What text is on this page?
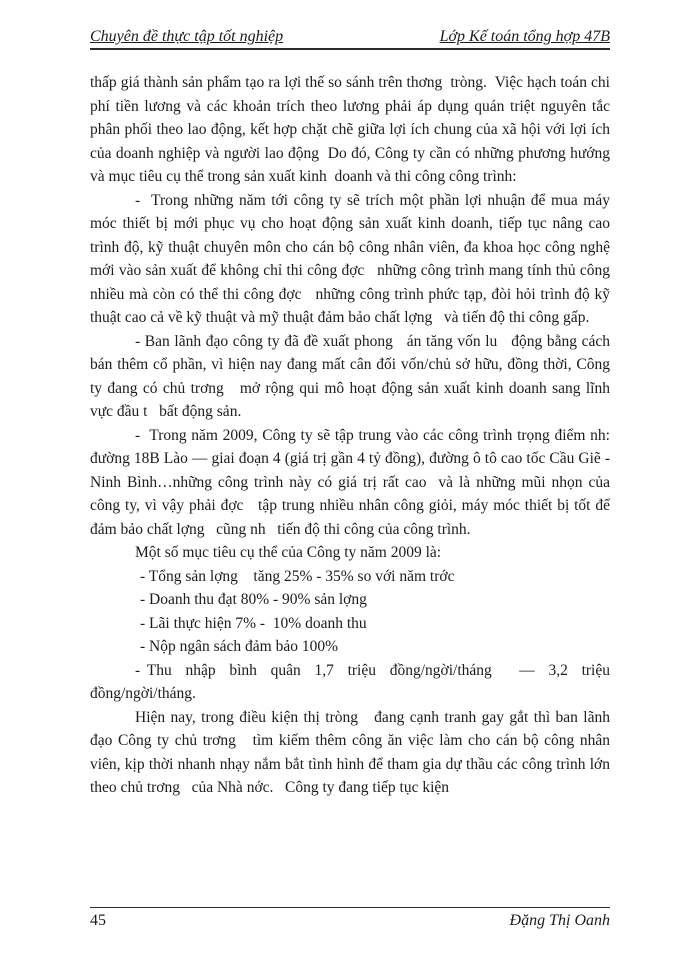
Chuyên đề thực tập tốt nghiệp	Lớp Kế toán tổng hợp 47B

thấp giá thành sản phẩm tạo ra lợi thế so sánh trên thơng  tròng.  Việc hạch toán chi phí tiền lương và các khoản trích theo lương phải áp dụng quán triệt nguyên tắc phân phối theo lao động, kết hợp chặt chẽ giữa lợi ích chung của xã hội với lợi ích của doanh nghiệp và người lao động  Do đó, Công ty cần có những phương hướng và mục tiêu cụ thể trong sản xuất kinh  doanh và thi công công trình:

-  Trong những năm tới công ty sẽ trích một phần lợi nhuận để mua máy móc thiết bị mới phục vụ cho hoạt động sản xuất kinh doanh, tiếp tục nâng cao trình độ, kỹ thuật chuyên môn cho cán bộ công nhân viên, đa khoa học công nghệ mới vào sản xuất để không chỉ thi công đợc   những công trình mang tính thủ công nhiều mà còn có thể thi công đợc   những công trình phức tạp, đòi hỏi trình độ kỹ thuật cao cả về kỹ thuật và mỹ thuật đảm bảo chất lợng   và tiến độ thi công gấp.

- Ban lãnh đạo công ty đã đề xuất phong   án tăng vốn lu   động bằng cách bán thêm cổ phần, vì hiện nay đang mất cân đối vốn/chủ sở hữu, đồng thời, Công ty đang có chủ trơng   mở rộng qui mô hoạt động sản xuất kinh doanh sang lĩnh vực đầu t   bất động sản.

-  Trong năm 2009, Công ty sẽ tập trung vào các công trình trọng điểm nh:   đường 18B Lào — giai đoạn 4 (giá trị gần 4 tỷ đồng), đường ô tô cao tốc Cầu Giẽ - Ninh Bình…những công trình này có giá trị rất cao  và là những mũi nhọn của công ty, vì vậy phải đợc   tập trung nhiều nhân công giỏi, máy móc thiết bị tốt để đảm bảo chất lợng   cũng nh   tiến độ thi công của công trình.

Một số mục tiêu cụ thể của Công ty năm 2009 là:

- Tổng sản lợng    tăng 25% - 35% so với năm trớc

- Doanh thu đạt 80% - 90% sản lợng

- Lãi thực hiện 7% -  10% doanh thu

- Nộp ngân sách đảm bảo 100%

- Thu  nhập  bình  quân  1,7  triệu  đồng/ngời/tháng    —  3,2  triệu đồng/ngời/tháng.

Hiện nay, trong điều kiện thị tròng   đang cạnh tranh gay gắt thì ban lãnh đạo Công ty chủ trơng   tìm kiếm thêm công ăn việc làm cho cán bộ công nhân viên, kịp thời nhanh nhạy nắm bắt tình hình để tham gia dự thầu các công trình lớn theo chủ trơng   của Nhà nớc.   Công ty đang tiếp tục kiện

45	Đặng Thị Oanh
